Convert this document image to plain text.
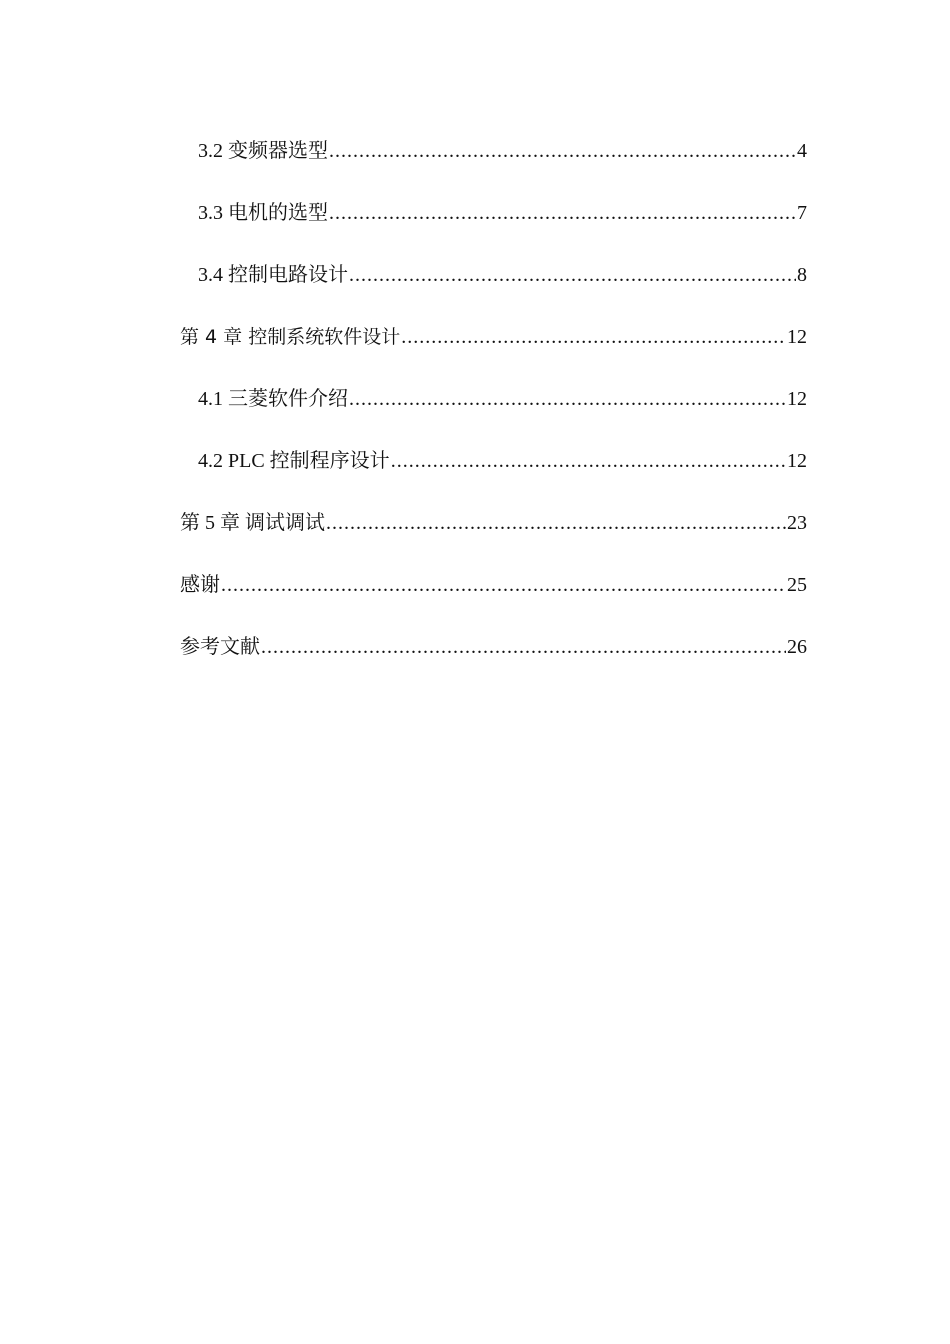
3.2 变频器选型 .....	4
3.3 电机的选型 .....	7
3.4 控制电路设计 .....	8
第 4 章 控制系统软件设计 .....	12
4.1 三菱软件介绍 .....	12
4.2 PLC 控制程序设计 .....	12
第 5 章 调试调试 .....	23
感谢 .....	25
参考文献 .....	26
